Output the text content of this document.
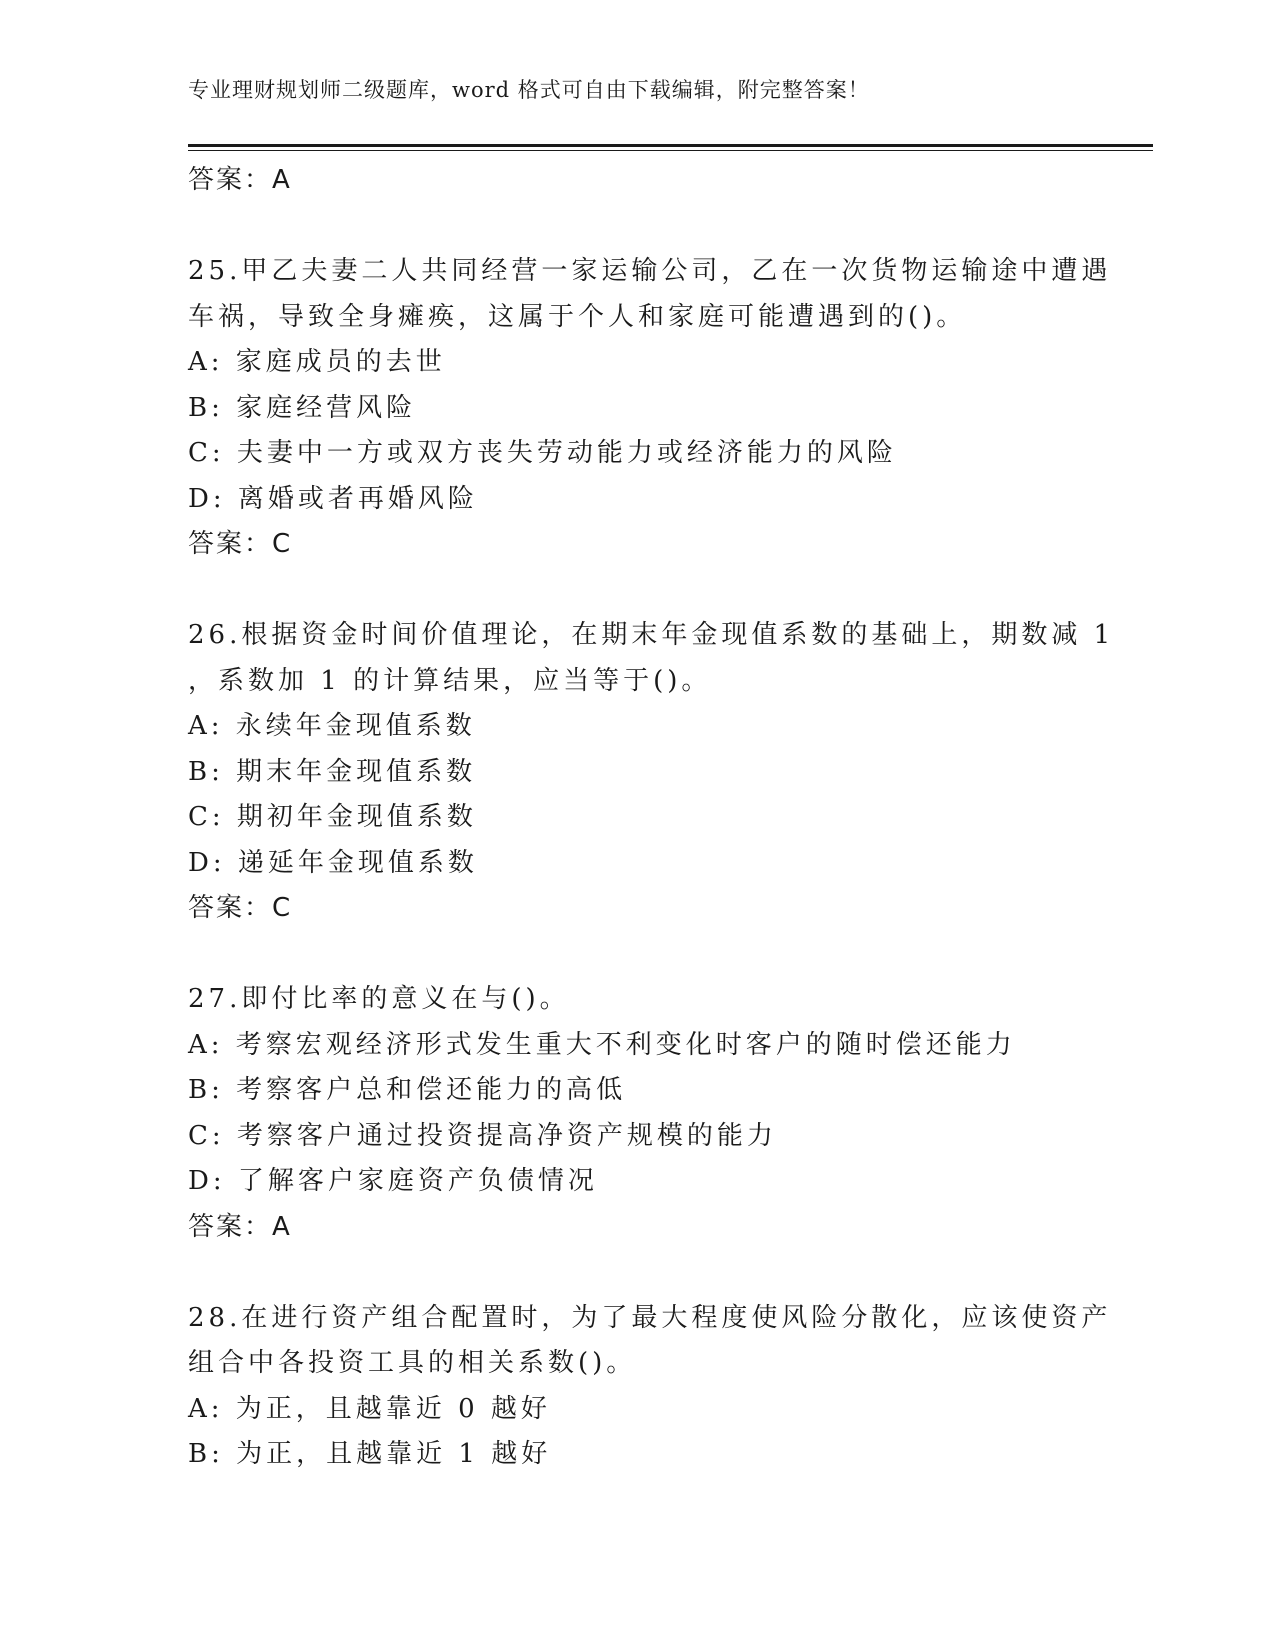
专业理财规划师二级题库，word 格式可自由下载编辑，附完整答案！
答案：A
25.甲乙夫妻二人共同经营一家运输公司，乙在一次货物运输途中遭遇
车祸，导致全身瘫痪，这属于个人和家庭可能遭遇到的()。
A: 家庭成员的去世
B: 家庭经营风险
C: 夫妻中一方或双方丧失劳动能力或经济能力的风险
D: 离婚或者再婚风险
答案：C
26.根据资金时间价值理论，在期末年金现值系数的基础上，期数减 1
，系数加 1 的计算结果，应当等于()。
A: 永续年金现值系数
B: 期末年金现值系数
C: 期初年金现值系数
D: 递延年金现值系数
答案：C
27.即付比率的意义在与()。
A: 考察宏观经济形式发生重大不利变化时客户的随时偿还能力
B: 考察客户总和偿还能力的高低
C: 考察客户通过投资提高净资产规模的能力
D: 了解客户家庭资产负债情况
答案：A
28.在进行资产组合配置时，为了最大程度使风险分散化，应该使资产
组合中各投资工具的相关系数()。
A: 为正，且越靠近 0 越好
B: 为正，且越靠近 1 越好
